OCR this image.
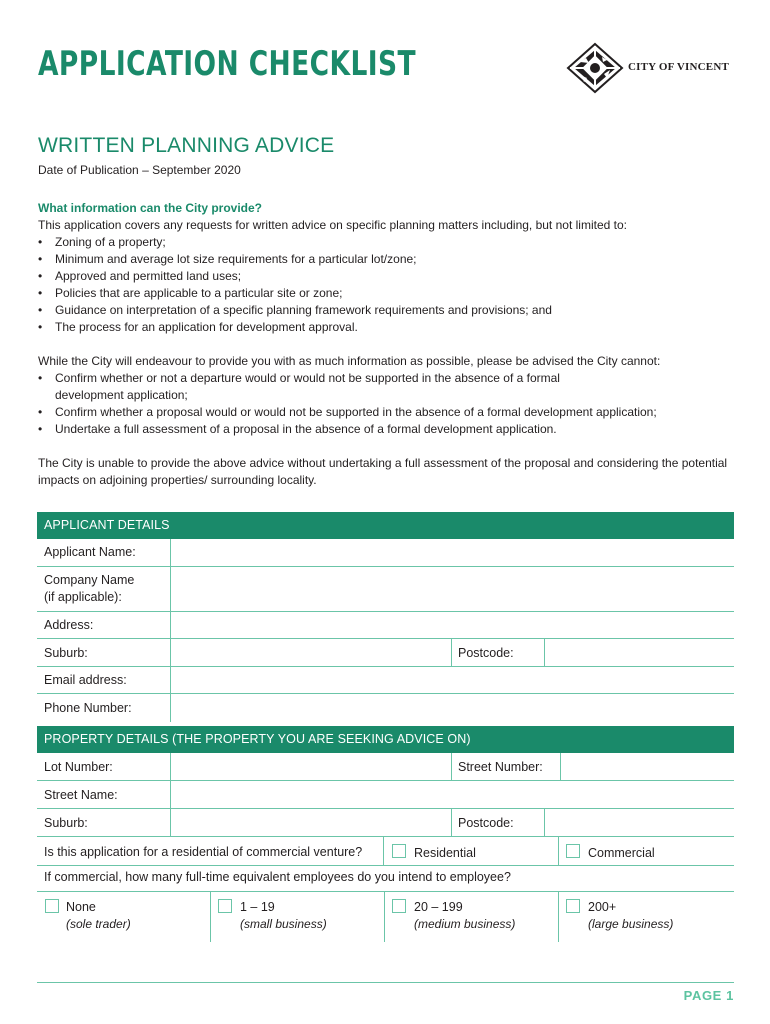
APPLICATION CHECKLIST	CITY OF VINCENT
WRITTEN PLANNING ADVICE
Date of Publication – September 2020
What information can the City provide?
This application covers any requests for written advice on specific planning matters including, but not limited to:
• Zoning of a property;
• Minimum and average lot size requirements for a particular lot/zone;
• Approved and permitted land uses;
• Policies that are applicable to a particular site or zone;
• Guidance on interpretation of a specific planning framework requirements and provisions; and
• The process for an application for development approval.
While the City will endeavour to provide you with as much information as possible, please be advised the City cannot:
• Confirm whether or not a departure would or would not be supported in the absence of a formal development application;
• Confirm whether a proposal would or would not be supported in the absence of a formal development application;
• Undertake a full assessment of a proposal in the absence of a formal development application.
The City is unable to provide the above advice without undertaking a full assessment of the proposal and considering the potential impacts on adjoining properties/ surrounding locality.
APPLICANT DETAILS
Applicant Name:
Company Name
(if applicable):
Address:
Suburb:	Postcode:
Email address:
Phone Number:
PROPERTY DETAILS (THE PROPERTY YOU ARE SEEKING ADVICE ON)
Lot Number:	Street Number:
Street Name:
Suburb:	Postcode:
Is this application for a residential of commercial venture?	Residential	Commercial
If commercial, how many full-time equivalent employees do you intend to employee?
None
(sole trader)
1 – 19
(small business)
20 – 199
(medium business)
200+
(large business)
PAGE 1
